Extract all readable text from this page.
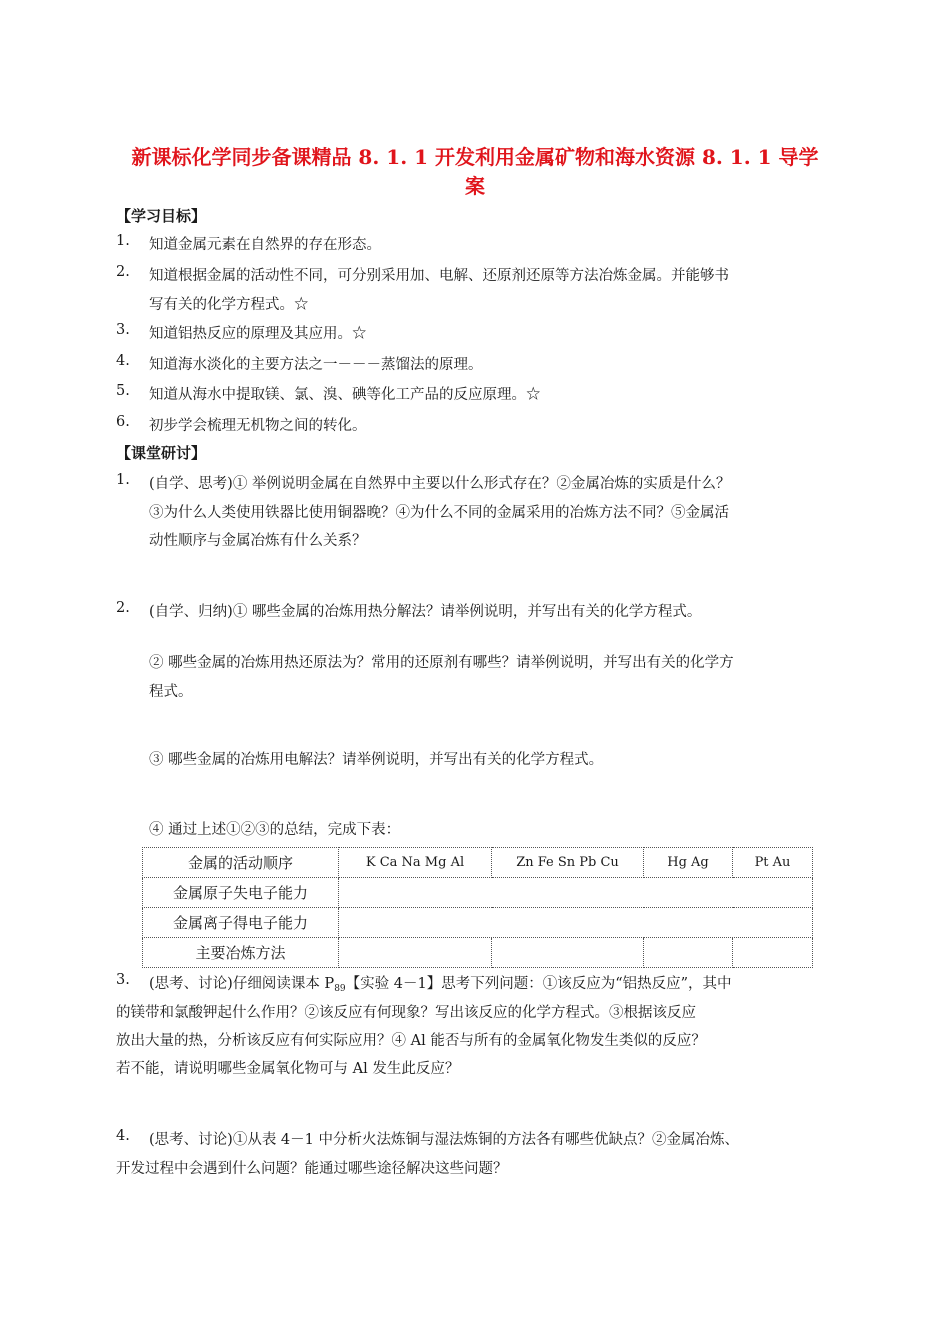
新课标化学同步备课精品 8. 1. 1 开发利用金属矿物和海水资源 8. 1. 1 导学
案
【学习目标】
1. 知道金属元素在自然界的存在形态。
2. 知道根据金属的活动性不同，可分别采用加、电解、还原剂还原等方法冶炼金属。并能够书
写有关的化学方程式。☆
3. 知道铝热反应的原理及其应用。☆
4. 知道海水淡化的主要方法之一－－－蒸馏法的原理。
5. 知道从海水中提取镁、氯、溴、碘等化工产品的反应原理。☆
6. 初步学会梳理无机物之间的转化。
【课堂研讨】
1. (自学、思考)① 举例说明金属在自然界中主要以什么形式存在？②金属冶炼的实质是什么？
③为什么人类使用铁器比使用铜器晚？④为什么不同的金属采用的冶炼方法不同？⑤金属活
动性顺序与金属冶炼有什么关系？
2. (自学、归纳)① 哪些金属的冶炼用热分解法？请举例说明，并写出有关的化学方程式。
② 哪些金属的冶炼用热还原法为？常用的还原剂有哪些？请举例说明，并写出有关的化学方
程式。
③ 哪些金属的冶炼用电解法？请举例说明，并写出有关的化学方程式。
④ 通过上述①②③的总结，完成下表：
金属的活动顺序	K Ca Na Mg Al	Zn Fe Sn Pb Cu	Hg Ag	Pt Au
金属原子失电子能力				
金属离子得电子能力				
主要冶炼方法				
3. (思考、讨论)仔细阅读课本 $P_{89}$【实验 4－1】思考下列问题：①该反应为“铝热反应”，其中
的镁带和氯酸钾起什么作用？②该反应有何现象？写出该反应的化学方程式。③根据该反应
放出大量的热，分析该反应有何实际应用？④ Al 能否与所有的金属氧化物发生类似的反应？
若不能，请说明哪些金属氧化物可与 Al 发生此反应？
4. (思考、讨论)①从表 4－1 中分析火法炼铜与湿法炼铜的方法各有哪些优缺点？②金属冶炼、
开发过程中会遇到什么问题？能通过哪些途径解决这些问题？
